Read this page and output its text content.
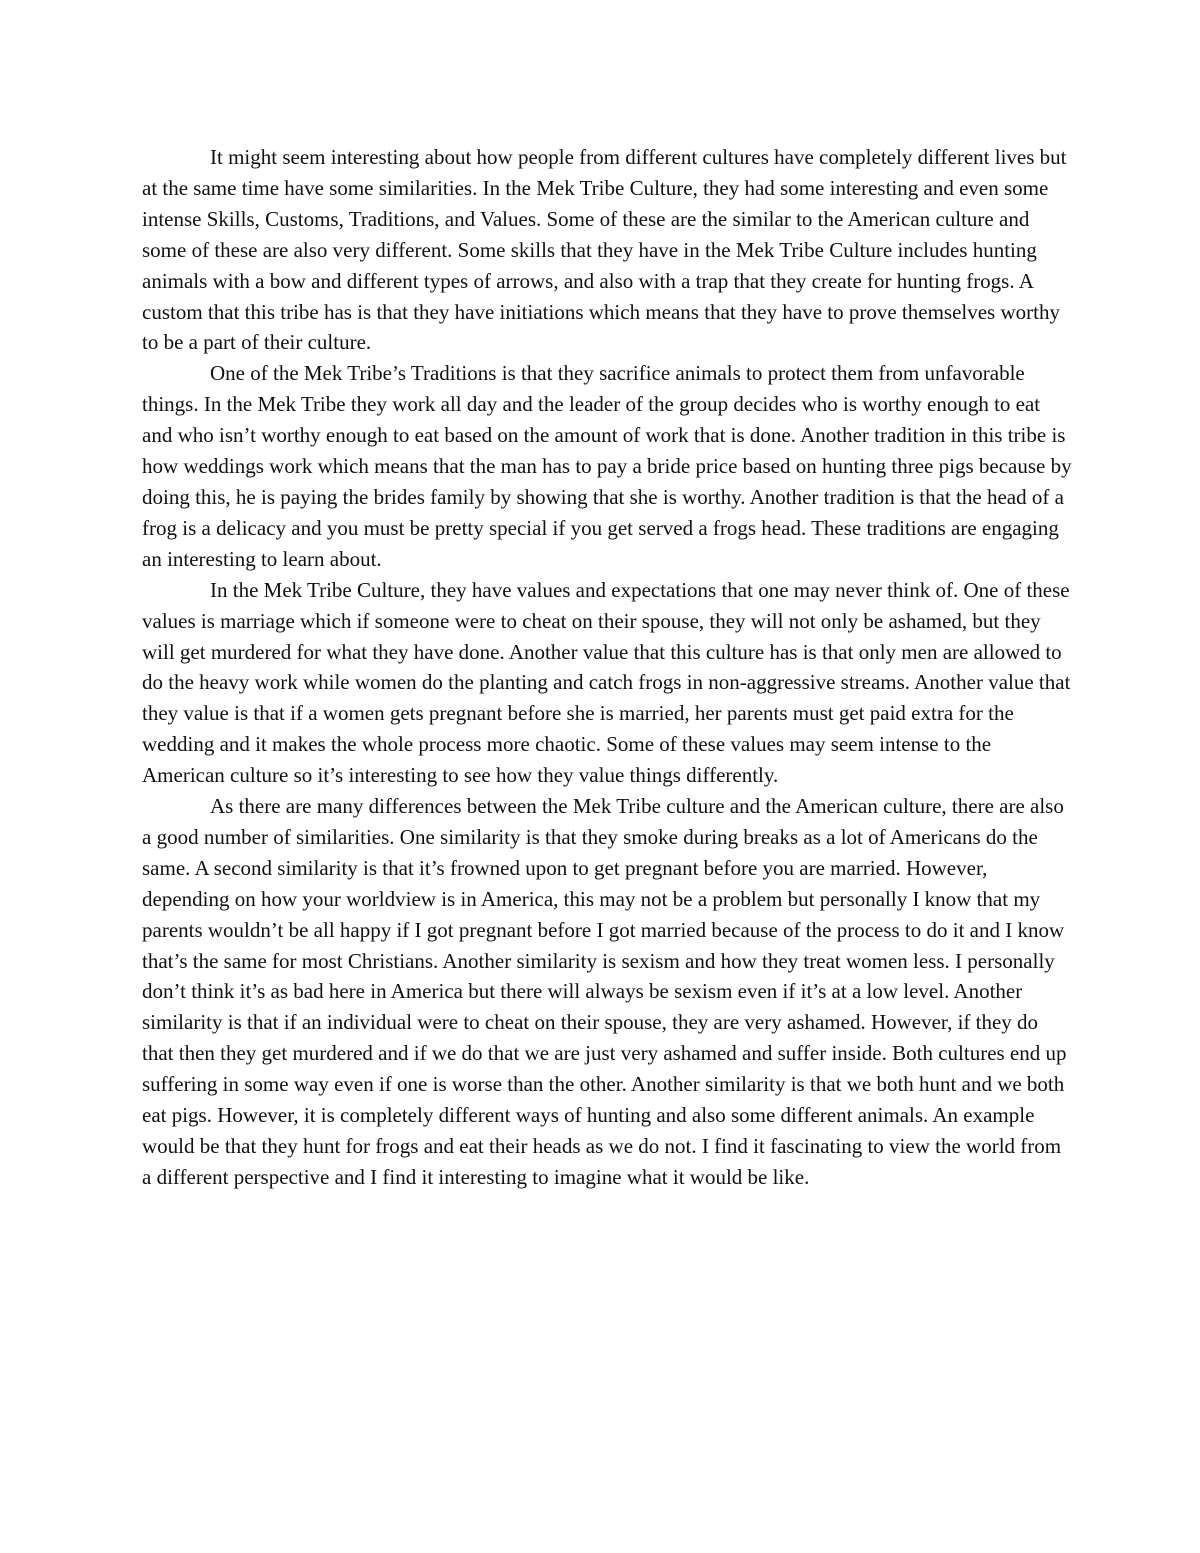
It might seem interesting about how people from different cultures have completely different lives but at the same time have some similarities. In the Mek Tribe Culture, they had some interesting and even some intense Skills, Customs, Traditions, and Values. Some of these are the similar to the American culture and some of these are also very different. Some skills that they have in the Mek Tribe Culture includes hunting animals with a bow and different types of arrows, and also with a trap that they create for hunting frogs. A custom that this tribe has is that they have initiations which means that they have to prove themselves worthy to be a part of their culture.

One of the Mek Tribe’s Traditions is that they sacrifice animals to protect them from unfavorable things. In the Mek Tribe they work all day and the leader of the group decides who is worthy enough to eat and who isn’t worthy enough to eat based on the amount of work that is done. Another tradition in this tribe is how weddings work which means that the man has to pay a bride price based on hunting three pigs because by doing this, he is paying the brides family by showing that she is worthy. Another tradition is that the head of a frog is a delicacy and you must be pretty special if you get served a frogs head. These traditions are engaging an interesting to learn about.

In the Mek Tribe Culture, they have values and expectations that one may never think of. One of these values is marriage which if someone were to cheat on their spouse, they will not only be ashamed, but they will get murdered for what they have done. Another value that this culture has is that only men are allowed to do the heavy work while women do the planting and catch frogs in non-aggressive streams. Another value that they value is that if a women gets pregnant before she is married, her parents must get paid extra for the wedding and it makes the whole process more chaotic. Some of these values may seem intense to the American culture so it’s interesting to see how they value things differently.

As there are many differences between the Mek Tribe culture and the American culture, there are also a good number of similarities. One similarity is that they smoke during breaks as a lot of Americans do the same. A second similarity is that it’s frowned upon to get pregnant before you are married. However, depending on how your worldview is in America, this may not be a problem but personally I know that my parents wouldn’t be all happy if I got pregnant before I got married because of the process to do it and I know that’s the same for most Christians. Another similarity is sexism and how they treat women less. I personally don’t think it’s as bad here in America but there will always be sexism even if it’s at a low level. Another similarity is that if an individual were to cheat on their spouse, they are very ashamed. However, if they do that then they get murdered and if we do that we are just very ashamed and suffer inside. Both cultures end up suffering in some way even if one is worse than the other. Another similarity is that we both hunt and we both eat pigs. However, it is completely different ways of hunting and also some different animals. An example would be that they hunt for frogs and eat their heads as we do not. I find it fascinating to view the world from a different perspective and I find it interesting to imagine what it would be like.
